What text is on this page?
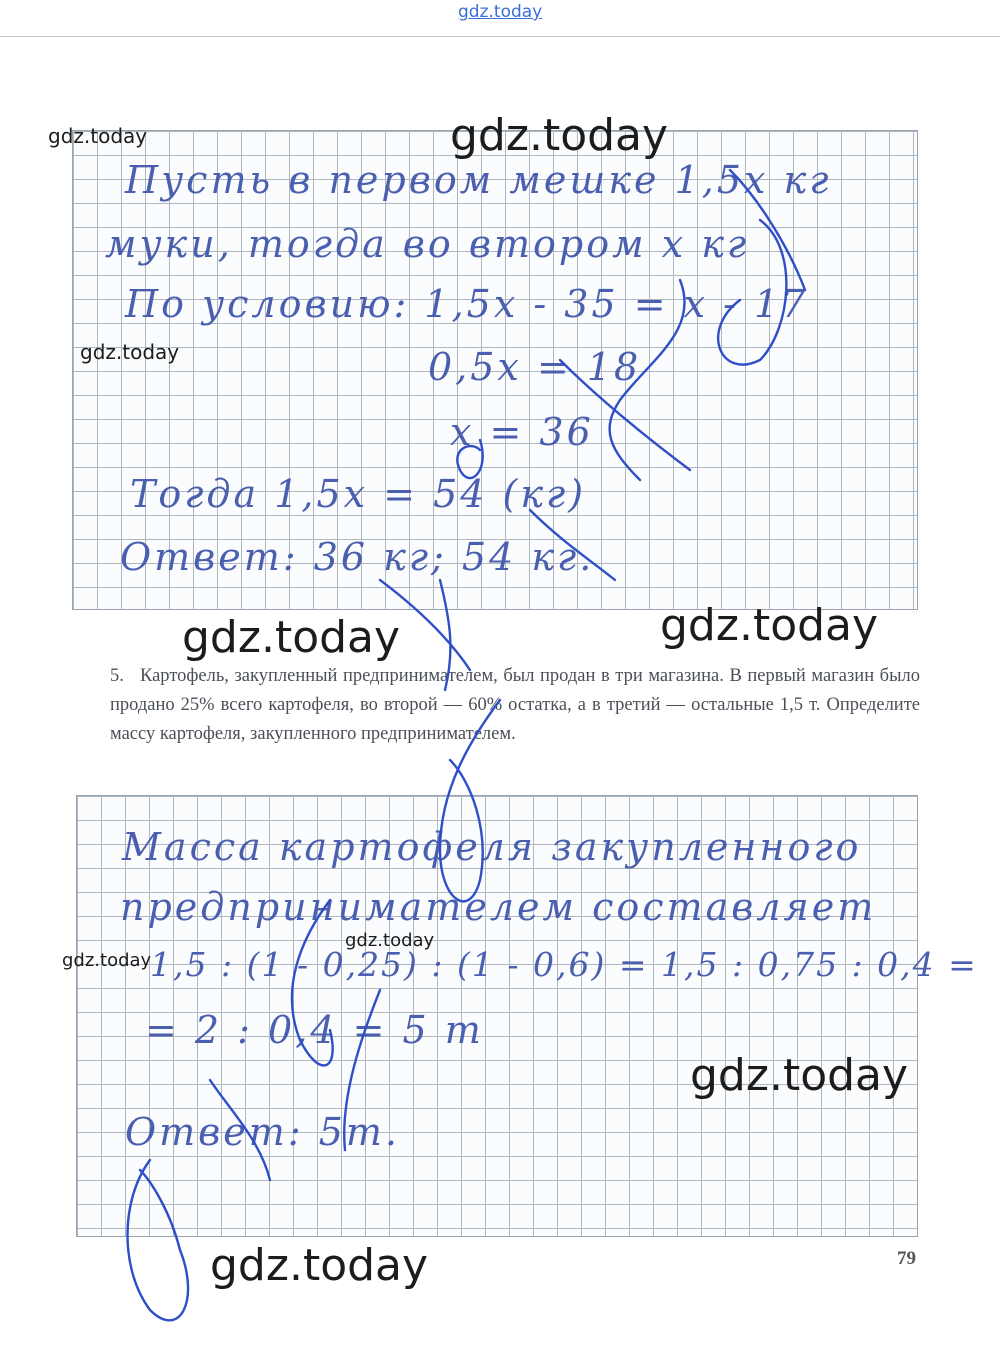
gdz.today
Пусть в первом мешке 1,5x кг
муки, тогда во втором x кг
По условию: 1,5x - 35 = x - 17
0,5x = 18
x = 36
Тогда 1,5x = 54 (кг)
Ответ: 36 кг; 54 кг.
5. Картофель, закупленный предпринимателем, был продан в три магазина. В первый магазин было продано 25% всего картофеля, во второй — 60% остатка, а в третий — остальные 1,5 т. Определите массу картофеля, закупленного предпринимателем.
Масса картофеля закупленного
предпринимателем составляет
1,5 : (1 - 0,25) : (1 - 0,6) = 1,5 : 0,75 : 0,4 =
= 2 : 0,4 = 5 т
Ответ: 5т.
79
gdz.today	gdz.today
gdz.today
gdz.today	gdz.today
gdz.today
gdz.today
gdz.today
gdz.today
